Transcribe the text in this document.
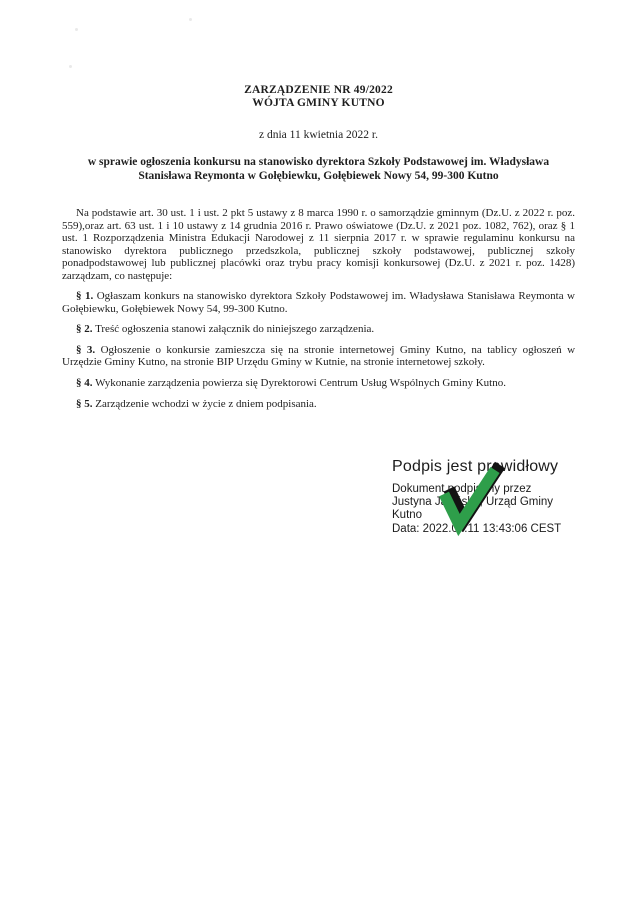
ZARZĄDZENIE NR 49/2022
WÓJTA GMINY KUTNO
z dnia 11 kwietnia 2022 r.
w sprawie ogłoszenia konkursu na stanowisko dyrektora Szkoły Podstawowej im. Władysława Stanisława Reymonta w Gołębiewku, Gołębiewek Nowy 54, 99-300 Kutno

Na podstawie art. 30 ust. 1 i ust. 2 pkt 5 ustawy z 8 marca 1990 r. o samorządzie gminnym (Dz.U. z 2022 r. poz. 559),oraz art. 63 ust. 1 i 10 ustawy z 14 grudnia 2016 r. Prawo oświatowe (Dz.U. z 2021 poz. 1082, 762), oraz § 1 ust. 1 Rozporządzenia Ministra Edukacji Narodowej z 11 sierpnia 2017 r. w sprawie regulaminu konkursu na stanowisko dyrektora publicznego przedszkola, publicznej szkoły podstawowej, publicznej szkoły ponadpodstawowej lub publicznej placówki oraz trybu pracy komisji konkursowej (Dz.U. z 2021 r. poz. 1428) zarządzam, co następuje:

§ 1. Ogłaszam konkurs na stanowisko dyrektora Szkoły Podstawowej im. Władysława Stanisława Reymonta w Gołębiewku, Gołębiewek Nowy 54, 99-300 Kutno.

§ 2. Treść ogłoszenia stanowi załącznik do niniejszego zarządzenia.

§ 3. Ogłoszenie o konkursie zamieszcza się na stronie internetowej Gminy Kutno, na tablicy ogłoszeń w Urzędzie Gminy Kutno, na stronie BIP Urzędu Gminy w Kutnie, na stronie internetowej szkoły.

§ 4. Wykonanie zarządzenia powierza się Dyrektorowi Centrum Usług Wspólnych Gminy Kutno.

§ 5. Zarządzenie wchodzi w życie z dniem podpisania.

Podpis jest prawidłowy
Dokument podpisany przez
Justyna Jasińska, Urząd Gminy
Kutno
Data: 2022.04.11 13:43:06 CEST
